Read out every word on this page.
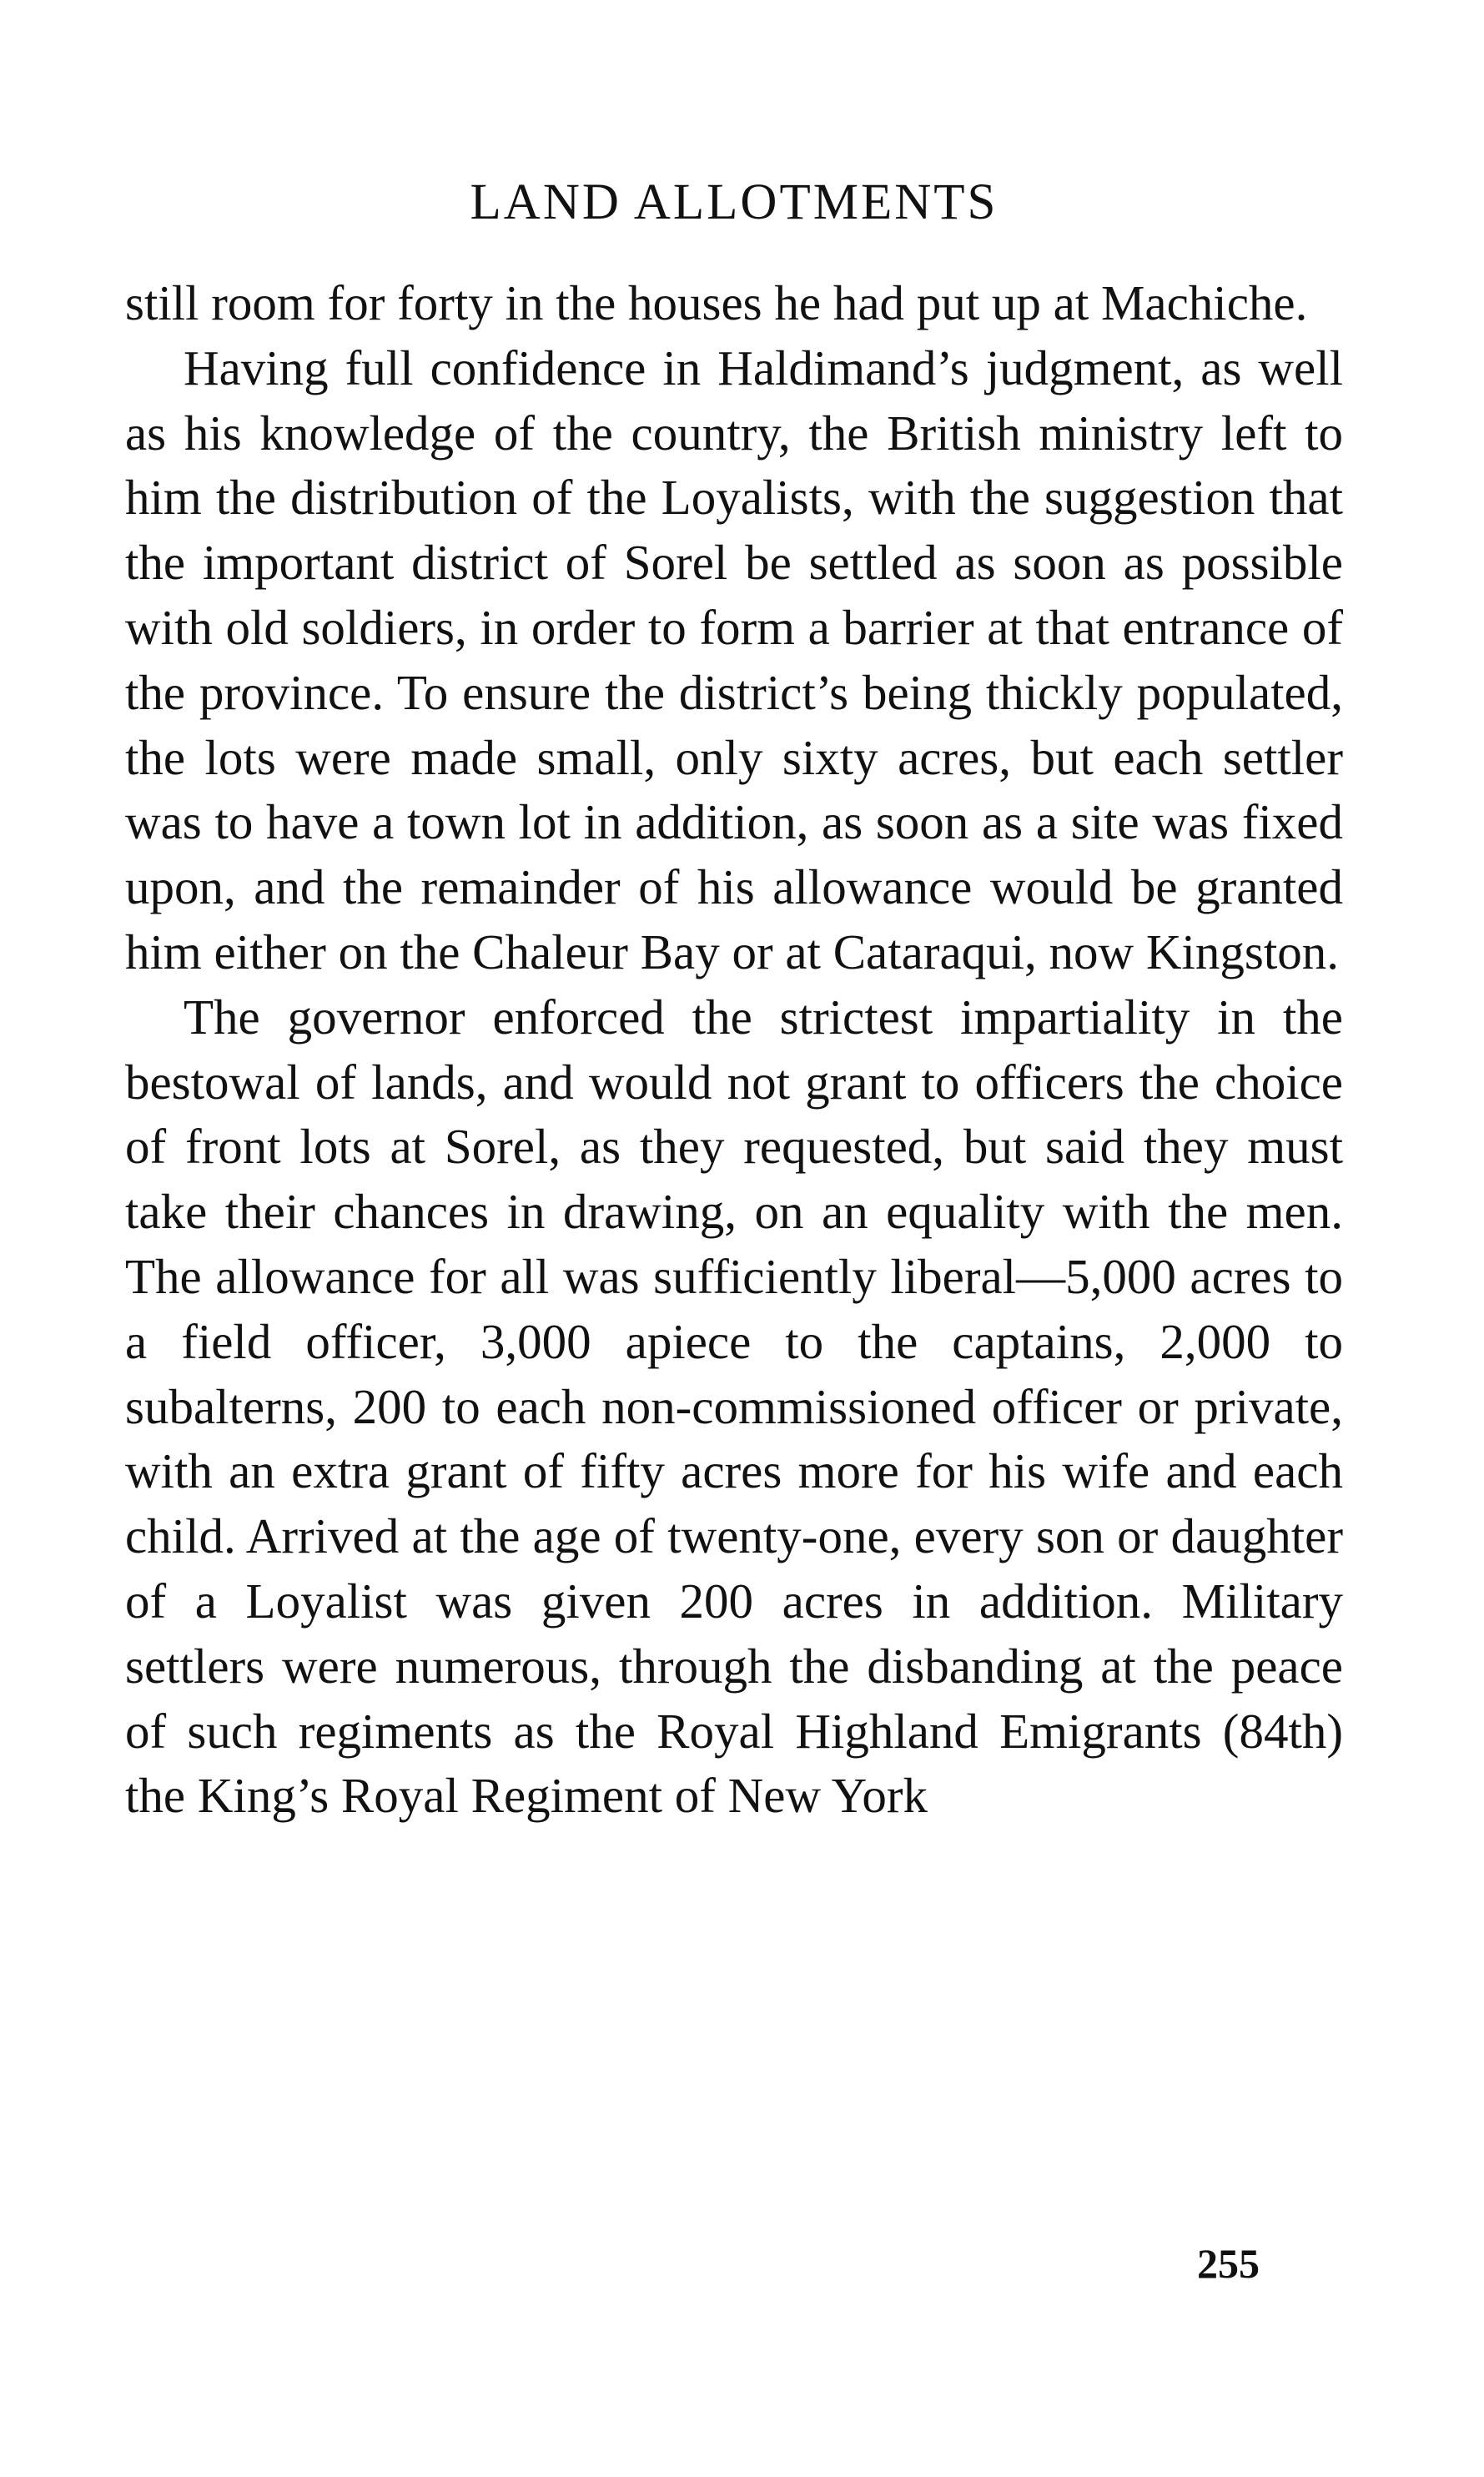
LAND ALLOTMENTS

still room for forty in the houses he had put up at Machiche.

Having full confidence in Haldimand’s judgment, as well as his knowledge of the country, the British ministry left to him the distribution of the Loyalists, with the suggestion that the important district of Sorel be settled as soon as possible with old soldiers, in order to form a barrier at that entrance of the province. To ensure the district’s being thickly populated, the lots were made small, only sixty acres, but each settler was to have a town lot in addition, as soon as a site was fixed upon, and the remainder of his allowance would be granted him either on the Chaleur Bay or at Cataraqui, now Kingston.

The governor enforced the strictest impartiality in the bestowal of lands, and would not grant to officers the choice of front lots at Sorel, as they requested, but said they must take their chances in drawing, on an equality with the men. The allowance for all was sufficiently liberal—5,000 acres to a field officer, 3,000 apiece to the captains, 2,000 to subalterns, 200 to each non-commissioned officer or private, with an extra grant of fifty acres more for his wife and each child. Arrived at the age of twenty-one, every son or daughter of a Loyalist was given 200 acres in addition. Military settlers were numerous, through the disbanding at the peace of such regiments as the Royal Highland Emigrants (84th) the King’s Royal Regiment of New York

255
